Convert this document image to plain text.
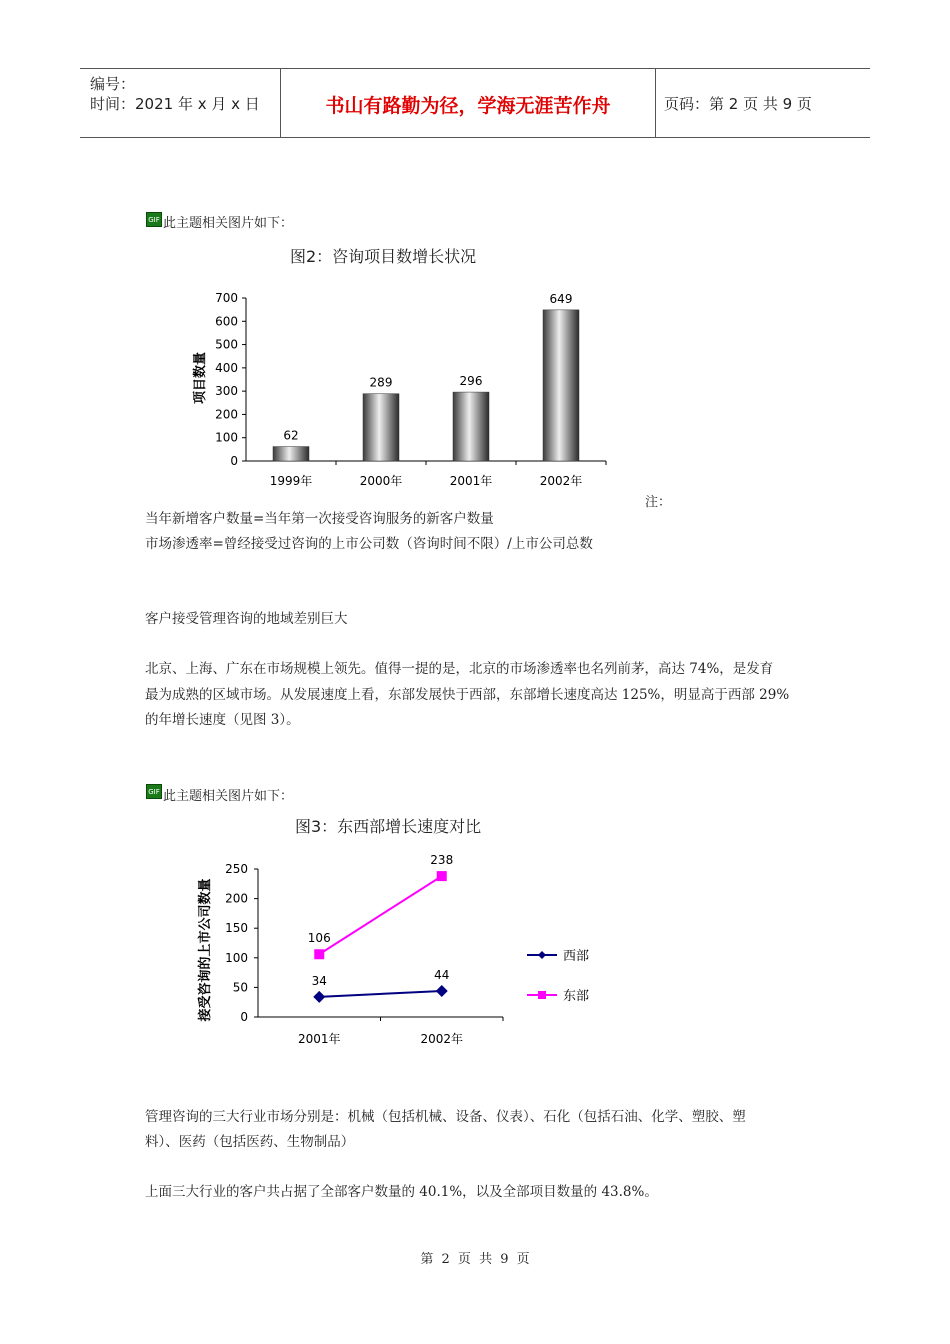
编号：
时间：2021 年 x 月 x 日	书山有路勤为径，学海无涯苦作舟	页码：第 2 页 共 9 页
GIF 此主题相关图片如下：
图2：咨询项目数增长状况
700
600
500
400
300
200
100
0
62
1999年
289
2000年
296
2001年
649
2002年
项目数量
注：
当年新增客户数量=当年第一次接受咨询服务的新客户数量
市场渗透率=曾经接受过咨询的上市公司数（咨询时间不限）/上市公司总数
客户接受管理咨询的地域差别巨大
北京、上海、广东在市场规模上领先。值得一提的是，北京的市场渗透率也名列前茅，高达 74%，是发育
最为成熟的区域市场。从发展速度上看，东部发展快于西部，东部增长速度高达 125%，明显高于西部 29%
的年增长速度（见图 3）。
GIF 此主题相关图片如下：
图3：东西部增长速度对比
250
200
150
100
50
0
2001年	2002年
34	44
西部
106
238
东部
接受咨询的上市公司数量
管理咨询的三大行业市场分别是：机械（包括机械、设备、仪表）、石化（包括石油、化学、塑胶、塑
料）、医药（包括医药、生物制品）
上面三大行业的客户共占据了全部客户数量的 40.1%，以及全部项目数量的 43.8%。
第 2 页 共 9 页
